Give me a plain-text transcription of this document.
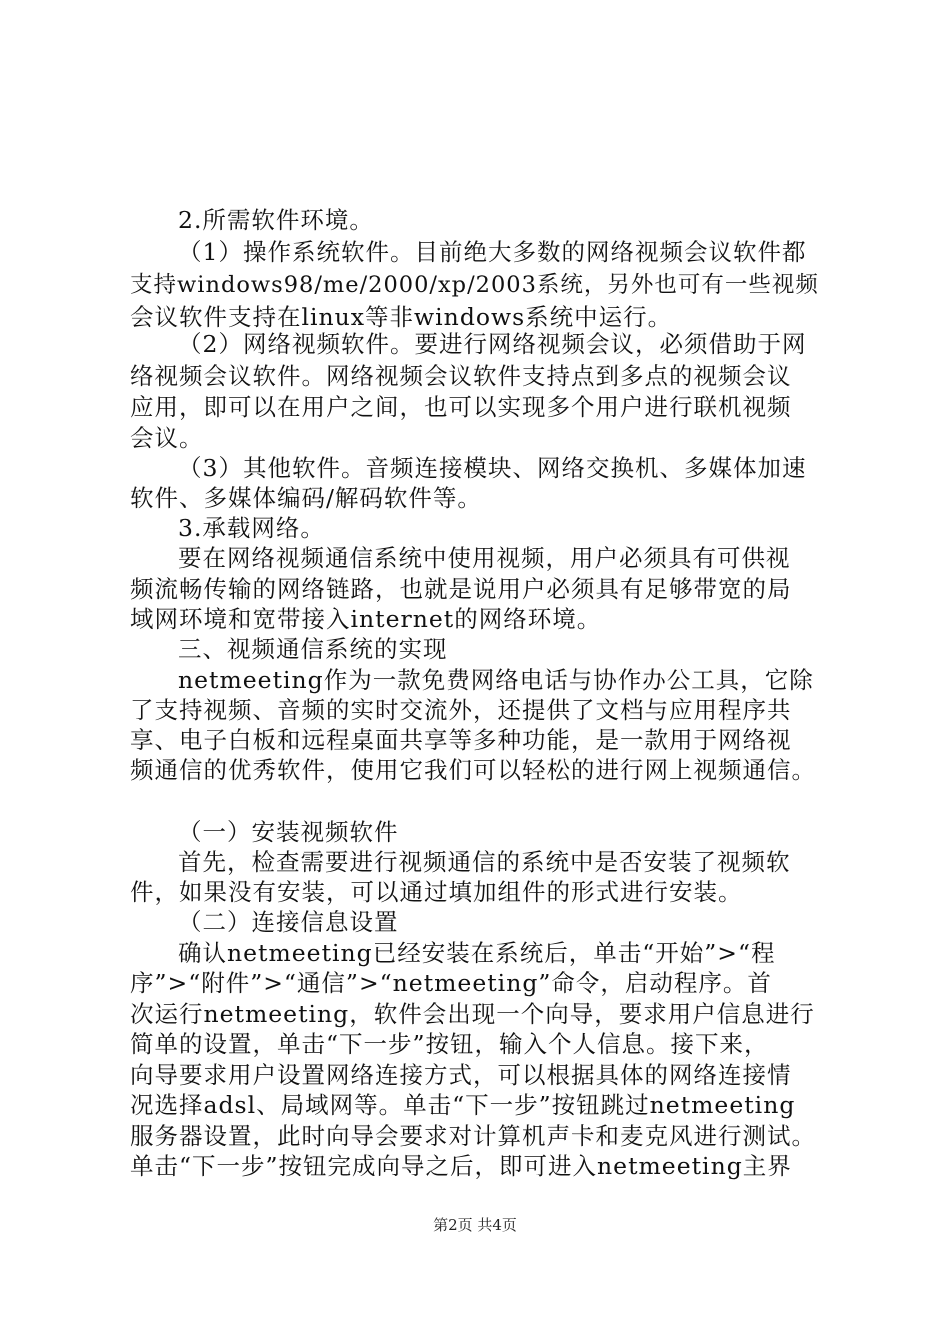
2.所需软件环境。
（1）操作系统软件。目前绝大多数的网络视频会议软件都
支持windows98/me/2000/xp/2003系统，另外也可有一些视频
会议软件支持在linux等非windows系统中运行。
（2）网络视频软件。要进行网络视频会议，必须借助于网
络视频会议软件。网络视频会议软件支持点到多点的视频会议
应用，即可以在用户之间，也可以实现多个用户进行联机视频
会议。
（3）其他软件。音频连接模块、网络交换机、多媒体加速
软件、多媒体编码/解码软件等。
3.承载网络。
要在网络视频通信系统中使用视频，用户必须具有可供视
频流畅传输的网络链路，也就是说用户必须具有足够带宽的局
域网环境和宽带接入internet的网络环境。
三、视频通信系统的实现
netmeeting作为一款免费网络电话与协作办公工具，它除
了支持视频、音频的实时交流外，还提供了文档与应用程序共
享、电子白板和远程桌面共享等多种功能，是一款用于网络视
频通信的优秀软件，使用它我们可以轻松的进行网上视频通信。
（一）安装视频软件
首先，检查需要进行视频通信的系统中是否安装了视频软
件，如果没有安装，可以通过填加组件的形式进行安装。
（二）连接信息设置
确认netmeeting已经安装在系统后，单击“开始”>“程
序”>“附件”>“通信”>“netmeeting”命令，启动程序。首
次运行netmeeting，软件会出现一个向导，要求用户信息进行
简单的设置，单击“下一步”按钮，输入个人信息。接下来，
向导要求用户设置网络连接方式，可以根据具体的网络连接情
况选择adsl、局域网等。单击“下一步”按钮跳过netmeeting
服务器设置，此时向导会要求对计算机声卡和麦克风进行测试。
单击“下一步”按钮完成向导之后，即可进入netmeeting主界
第2页 共4页
